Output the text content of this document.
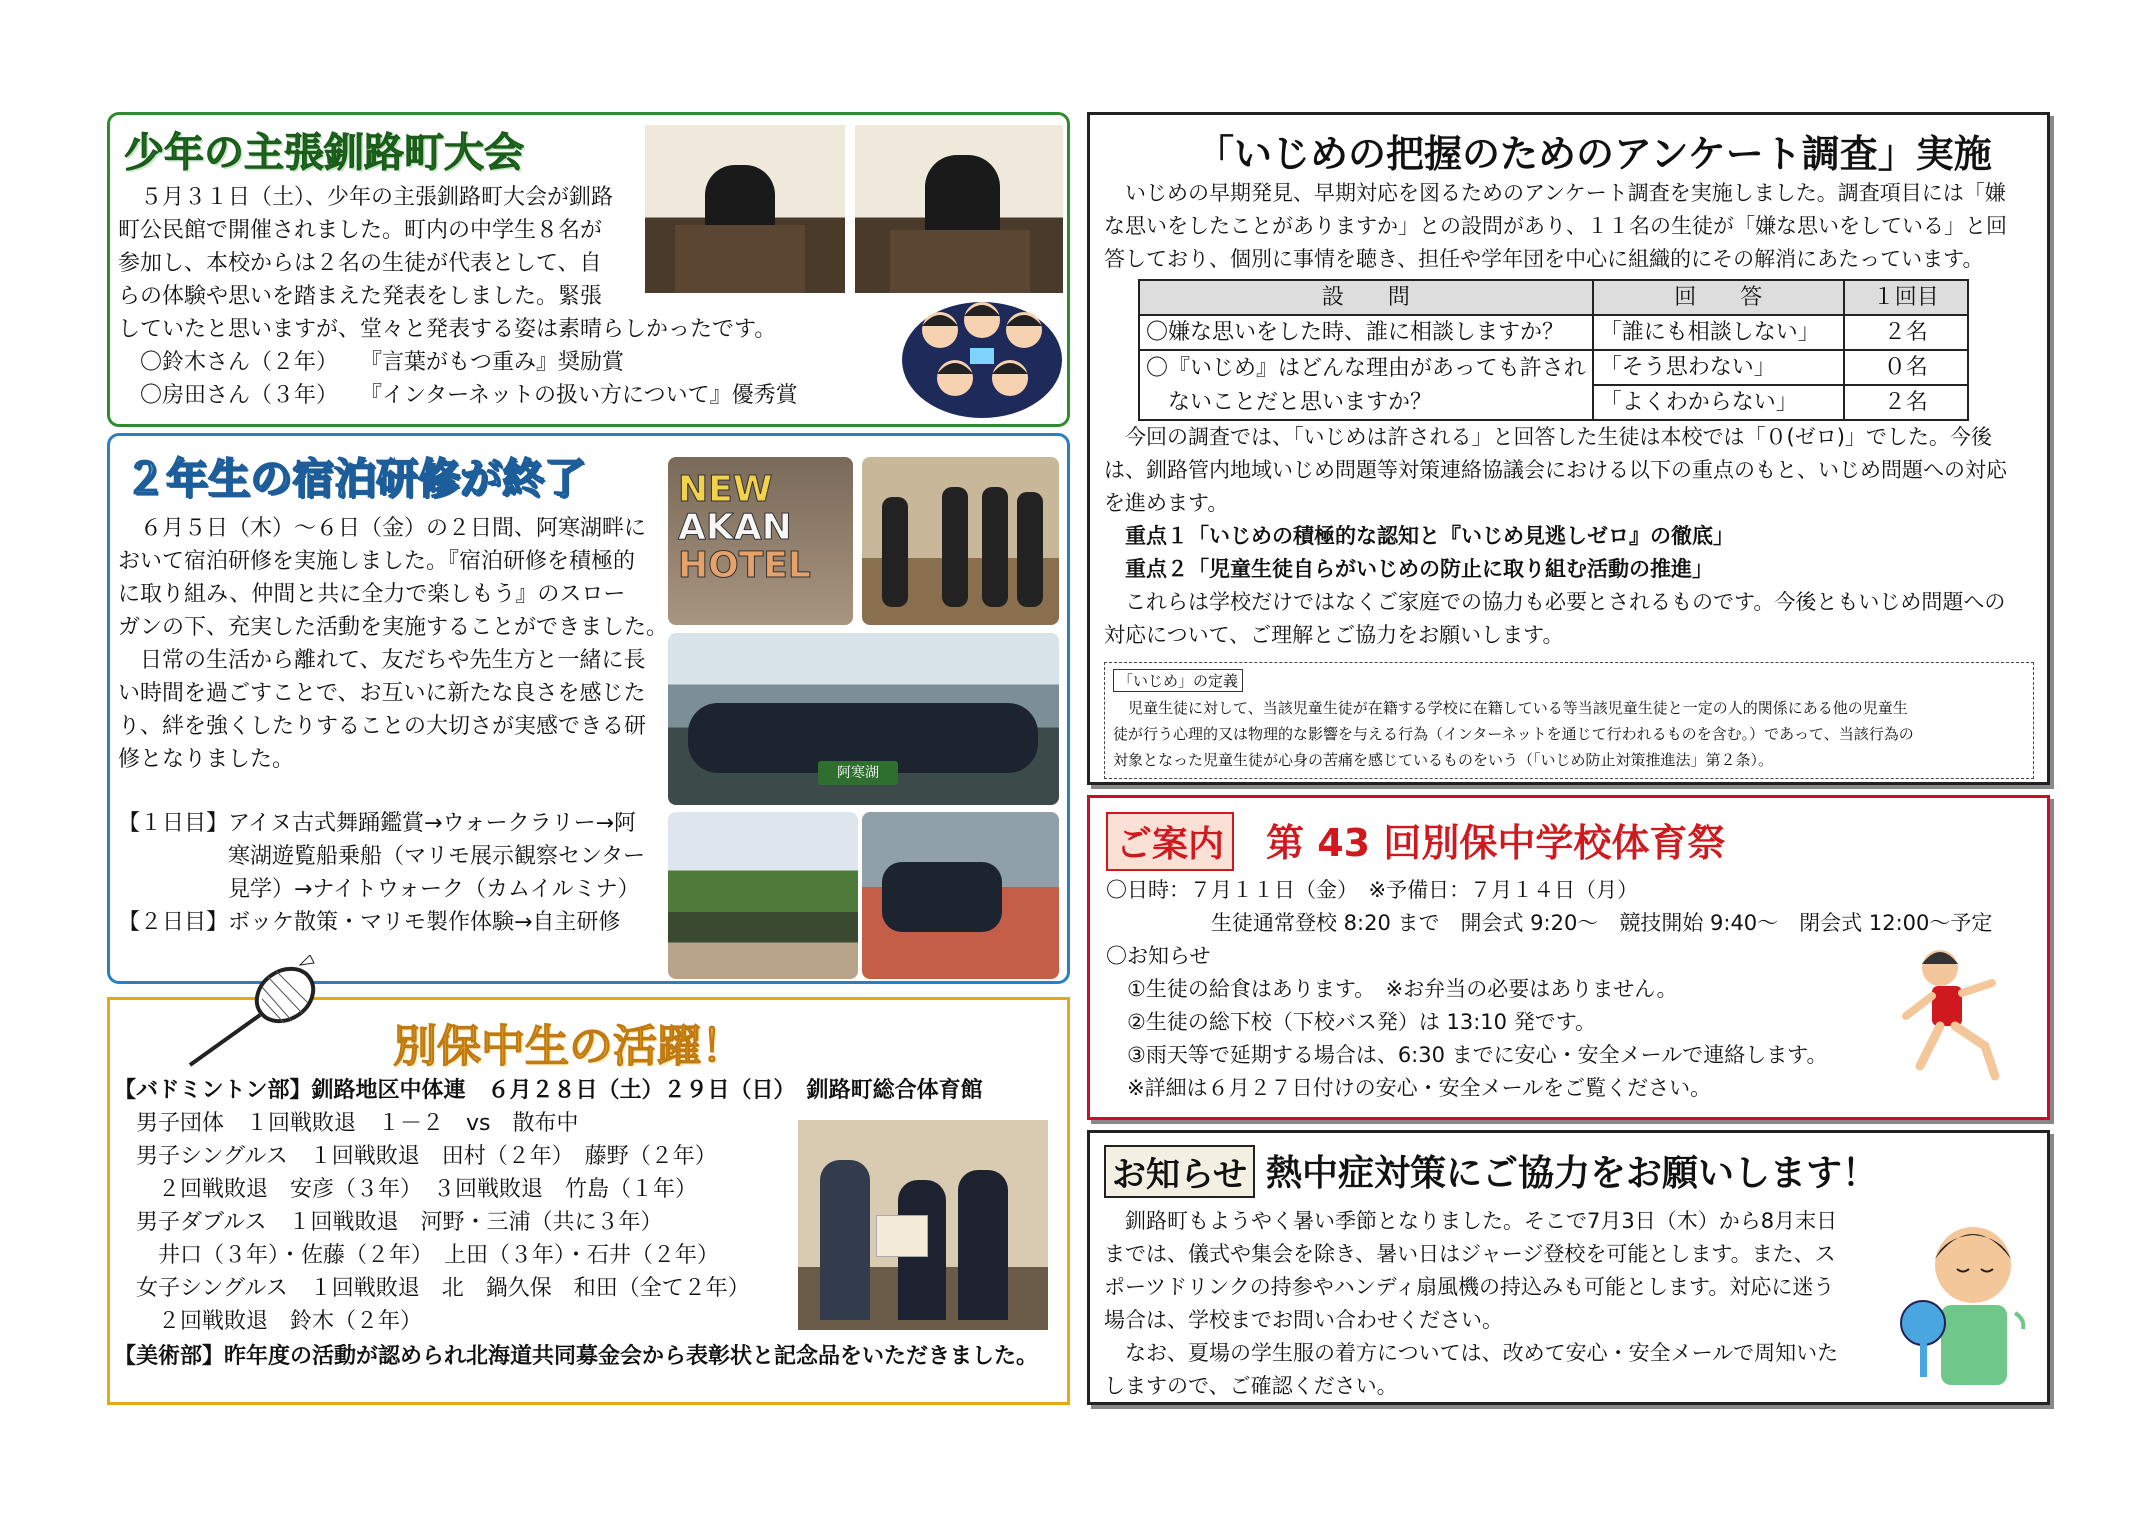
少年の主張釧路町大会
　５月３１日（土）、少年の主張釧路町大会が釧路
町公民館で開催されました。町内の中学生８名が
参加し、本校からは２名の生徒が代表として、自
らの体験や思いを踏まえた発表をしました。緊張
していたと思いますが、堂々と発表する姿は素晴らしかったです。
　〇鈴木さん（２年）　　『言葉がもつ重み』奨励賞
　〇房田さん（３年）　　『インターネットの扱い方について』優秀賞
２年生の宿泊研修が終了
　６月５日（木）～６日（金）の２日間、阿寒湖畔に
おいて宿泊研修を実施しました。『宿泊研修を積極的
に取り組み、仲間と共に全力で楽しもう』のスロー
ガンの下、充実した活動を実施することができました。
　日常の生活から離れて、友だちや先生方と一緒に長
い時間を過ごすことで、お互いに新たな良さを感じた
り、絆を強くしたりすることの大切さが実感できる研
修となりました。
【１日目】アイヌ古式舞踊鑑賞→ウォークラリー→阿
　　　　　寒湖遊覧船乗船（マリモ展示観察センター
　　　　　見学）→ナイトウォーク（カムイルミナ）
【２日目】ボッケ散策・マリモ製作体験→自主研修
NEW
AKAN
HOTEL
阿寒湖
別保中生の活躍！
【バドミントン部】釧路地区中体連　６月２８日（土）２９日（日）　釧路町総合体育館
　男子団体　１回戦敗退　１－２　vs　散布中
　男子シングルス　１回戦敗退　田村（２年）　藤野（２年）
　　２回戦敗退　安彦（３年）　３回戦敗退　竹島（１年）
　男子ダブルス　１回戦敗退　河野・三浦（共に３年）
　　井口（３年）・佐藤（２年）　上田（３年）・石井（２年）
　女子シングルス　１回戦敗退　北　鍋久保　和田（全て２年）
　　２回戦敗退　鈴木（２年）
【美術部】昨年度の活動が認められ北海道共同募金会から表彰状と記念品をいただきました。
「いじめの把握のためのアンケート調査」実施
　いじめの早期発見、早期対応を図るためのアンケート調査を実施しました。調査項目には「嫌
な思いをしたことがありますか」との設問があり、１１名の生徒が「嫌な思いをしている」と回
答しており、個別に事情を聴き、担任や学年団を中心に組織的にその解消にあたっています。
設　　問	回　　答	１回目
〇嫌な思いをした時、誰に相談しますか？	「誰にも相談しない」	２名
〇『いじめ』はどんな理由があっても許され	「そう思わない」	０名
　ないことだと思いますか？	「よくわからない」	２名
　今回の調査では、「いじめは許される」と回答した生徒は本校では「０(ゼロ)」でした。今後
は、釧路管内地域いじめ問題等対策連絡協議会における以下の重点のもと、いじめ問題への対応
を進めます。
　重点１「いじめの積極的な認知と『いじめ見逃しゼロ』の徹底」
　重点２「児童生徒自らがいじめの防止に取り組む活動の推進」
　これらは学校だけではなくご家庭での協力も必要とされるものです。今後ともいじめ問題への
対応について、ご理解とご協力をお願いします。
「いじめ」の定義
　児童生徒に対して、当該児童生徒が在籍する学校に在籍している等当該児童生徒と一定の人的関係にある他の児童生
徒が行う心理的又は物理的な影響を与える行為（インターネットを通じて行われるものを含む。）であって、当該行為の
対象となった児童生徒が心身の苦痛を感じているものをいう（「いじめ防止対策推進法」第２条）。
ご案内 第 43 回別保中学校体育祭
〇日時：７月１１日（金）　※予備日：７月１４日（月）
　　　　　生徒通常登校 8:20 まで　開会式 9:20～　競技開始 9:40～　閉会式 12:00～予定
〇お知らせ
　①生徒の給食はあります。　※お弁当の必要はありません。
　②生徒の総下校（下校バス発）は 13:10 発です。
　③雨天等で延期する場合は、6:30 までに安心・安全メールで連絡します。
　※詳細は６月２７日付けの安心・安全メールをご覧ください。
お知らせ 熱中症対策にご協力をお願いします！
　釧路町もようやく暑い季節となりました。そこで7月3日（木）から8月末日
までは、儀式や集会を除き、暑い日はジャージ登校を可能とします。また、ス
ポーツドリンクの持参やハンディ扇風機の持込みも可能とします。対応に迷う
場合は、学校までお問い合わせください。
　なお、夏場の学生服の着方については、改めて安心・安全メールで周知いた
しますので、ご確認ください。
